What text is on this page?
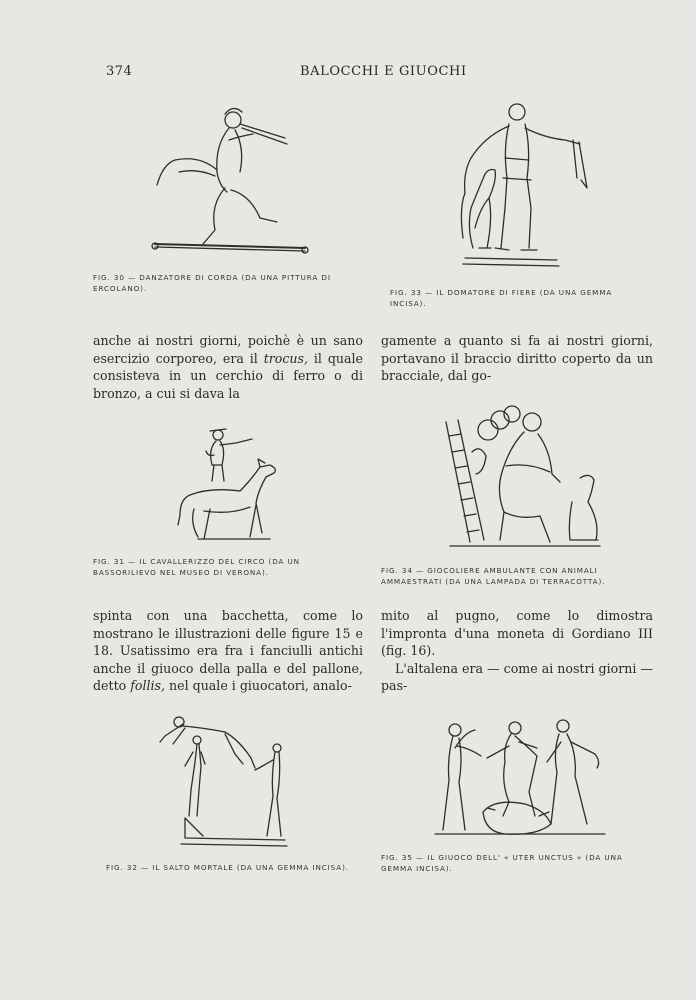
374	BALOCCHI E GIUOCHI
FIG. 30 — DANZATORE DI CORDA (DA UNA PITTURA DI ERCOLANO).	FIG. 33 — IL DOMATORE DI FIERE (DA UNA GEMMA INCISA).

anche ai nostri giorni, poichè è un sano esercizio corporeo, era il trocus, il quale consisteva in un cerchio di ferro o di bronzo, a cui si dava la

gamente a quanto si fa ai nostri giorni, portavano il braccio diritto coperto da un bracciale, dal go-

FIG. 31 — IL CAVALLERIZZO DEL CIRCO (DA UN BASSORILIEVO NEL MUSEO DI VERONA).	FIG. 34 — GIOCOLIERE AMBULANTE CON ANIMALI AMMAESTRATI (DA UNA LAMPADA DI TERRACOTTA).

spinta con una bacchetta, come lo mostrano le illustrazioni delle figure 15 e 18. Usatissimo era fra i fanciulli antichi anche il giuoco della palla e del pallone, detto follis, nel quale i giuocatori, analo-

mito al pugno, come lo dimostra l'impronta d'una moneta di Gordiano III (fig. 16).

L'altalena era — come ai nostri giorni — pas-

FIG. 32 — IL SALTO MORTALE (DA UNA GEMMA INCISA).
FIG. 35 — IL GIUOCO DELL' « UTER UNCTUS » (DA UNA GEMMA INCISA).
